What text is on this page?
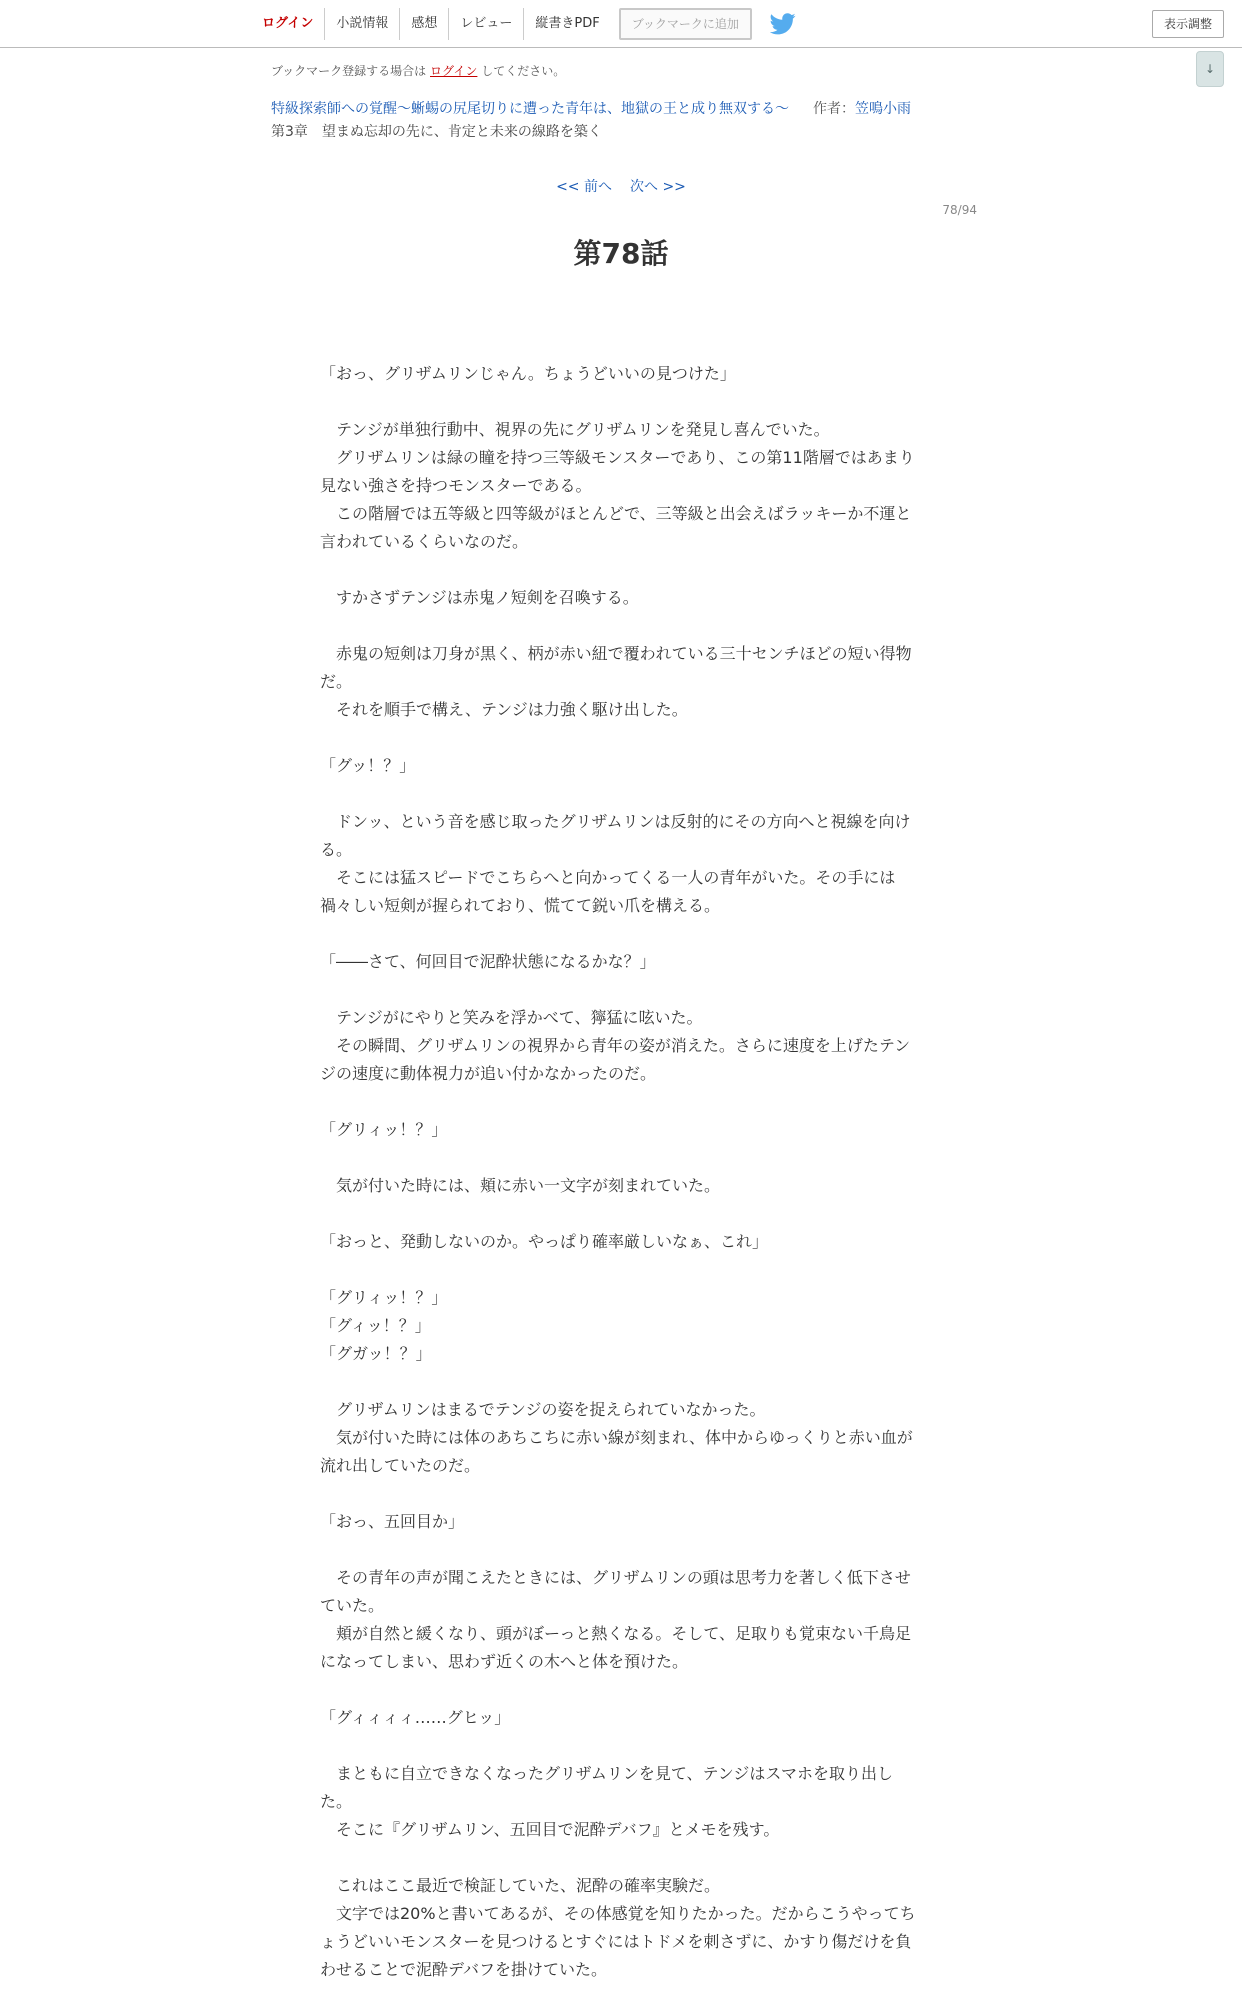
ログイン	小説情報	感想	レビュー	縦書きPDF	ブックマークに追加	表示調整
↓
ブックマーク登録する場合は ログイン してください。
特級探索師への覚醒～蜥蜴の尻尾切りに遭った青年は、地獄の王と成り無双する～ 作者：笠鳴小雨
第3章　望まぬ忘却の先に、肯定と未来の線路を築く
<< 前へ 次へ >>
78/94
第78話

「おっ、グリザムリンじゃん。ちょうどいいの見つけた」

　テンジが単独行動中、視界の先にグリザムリンを発見し喜んでいた。

　グリザムリンは緑の瞳を持つ三等級モンスターであり、この第11階層ではあまり

見ない強さを持つモンスターである。

　この階層では五等級と四等級がほとんどで、三等級と出会えばラッキーか不運と

言われているくらいなのだ。

　すかさずテンジは赤鬼ノ短剣を召喚する。

　赤鬼の短剣は刀身が黒く、柄が赤い紐で覆われている三十センチほどの短い得物

だ。

　それを順手で構え、テンジは力強く駆け出した。

「グッ！？」

　ドンッ、という音を感じ取ったグリザムリンは反射的にその方向へと視線を向け

る。

　そこには猛スピードでこちらへと向かってくる一人の青年がいた。その手には

禍々しい短剣が握られており、慌てて鋭い爪を構える。

「――さて、何回目で泥酔状態になるかな？」

　テンジがにやりと笑みを浮かべて、獰猛に呟いた。

　その瞬間、グリザムリンの視界から青年の姿が消えた。さらに速度を上げたテン

ジの速度に動体視力が追い付かなかったのだ。

「グリィッ！？」

　気が付いた時には、頬に赤い一文字が刻まれていた。

「おっと、発動しないのか。やっぱり確率厳しいなぁ、これ」

「グリィッ！？」

「グィッ！？」

「グガッ！？」

　グリザムリンはまるでテンジの姿を捉えられていなかった。

　気が付いた時には体のあちこちに赤い線が刻まれ、体中からゆっくりと赤い血が

流れ出していたのだ。

「おっ、五回目か」

　その青年の声が聞こえたときには、グリザムリンの頭は思考力を著しく低下させ

ていた。

　頬が自然と緩くなり、頭がぼーっと熱くなる。そして、足取りも覚束ない千鳥足

になってしまい、思わず近くの木へと体を預けた。

「グィィィィ……グヒッ」

　まともに自立できなくなったグリザムリンを見て、テンジはスマホを取り出し

た。

　そこに『グリザムリン、五回目で泥酔デバフ』とメモを残す。

　これはここ最近で検証していた、泥酔の確率実験だ。

　文字では20%と書いてあるが、その体感覚を知りたかった。だからこうやってち

ょうどいいモンスターを見つけるとすぐにはトドメを刺さずに、かすり傷だけを負

わせることで泥酔デバフを掛けていた。
